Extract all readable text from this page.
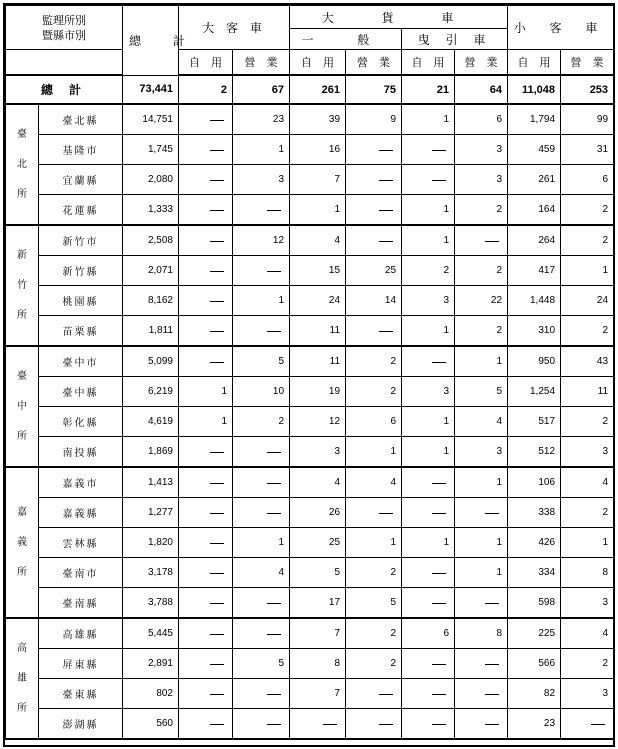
監理所別
暨縣市別		總 計	大 客 車		大 貨 車				小 客 車	
					一 般		曳 引 車			
			自　用	營　業	自　用	營　業	自　用	營　業	自　用	營　業
總計		73,441	2	67	261	75	21	64	11,048	253

臺
北
所	臺北縣	14,751		23	39	9	1	6	1,794	99
	基隆市	1,745		1	16			3	459	31
	宜蘭縣	2,080		3	7			3	261	6
	花蓮縣	1,333			1		1	2	164	2

新
竹
所	新竹市	2,508		12	4		1		264	2
	新竹縣	2,071			15	25	2	2	417	1
	桃園縣	8,162		1	24	14	3	22	1,448	24
	苗栗縣	1,811			11		1	2	310	2

臺
中
所	臺中市	5,099		5	11	2		1	950	43
	臺中縣	6,219	1	10	19	2	3	5	1,254	11
	彰化縣	4,619	1	2	12	6	1	4	517	2
	南投縣	1,869			3	1	1	3	512	3

嘉
義
所	嘉義市	1,413			4	4		1	106	4
	嘉義縣	1,277			26				338	2
	雲林縣	1,820		1	25	1	1	1	426	1
	臺南市	3,178		4	5	2		1	334	8
	臺南縣	3,788			17	5			598	3

高
雄
所	高雄縣	5,445			7	2	6	8	225	4
	屏東縣	2,891		5	8	2			566	2
	臺東縣	802			7				82	3
	澎湖縣	560							23	
